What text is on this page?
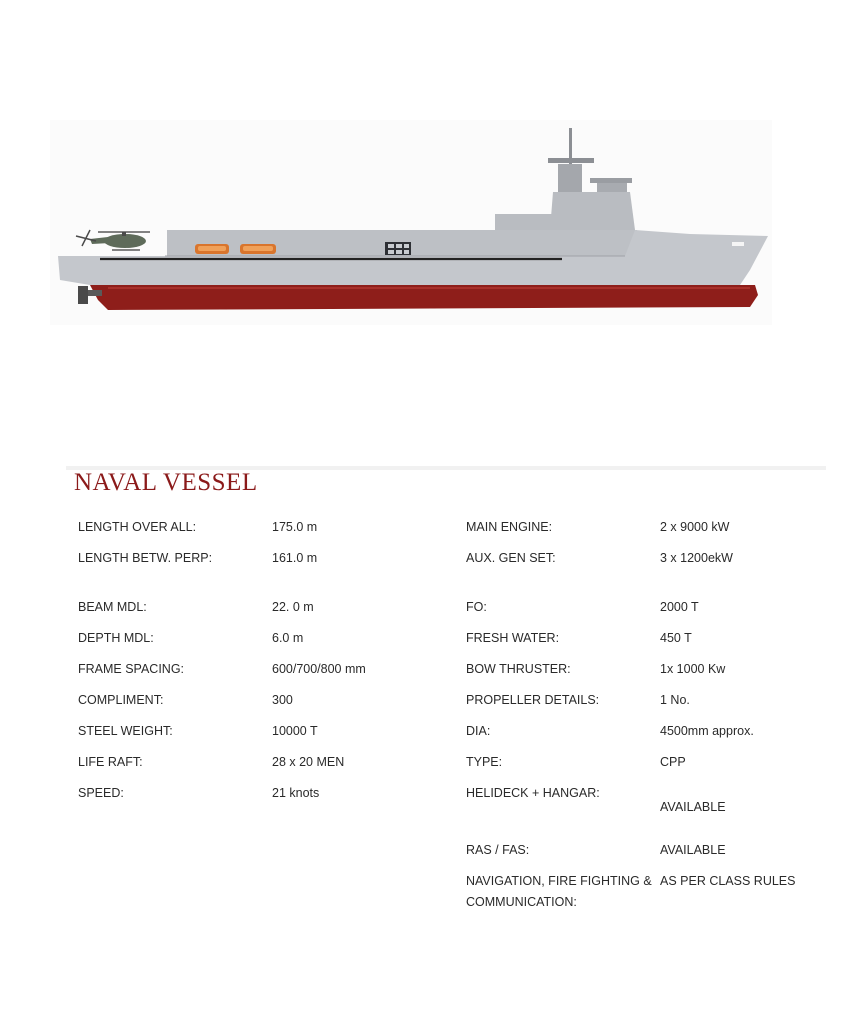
NAVAL VESSEL
LENGTH OVER ALL:	175.0 m
LENGTH BETW. PERP:	161.0 m
BEAM MDL:	22. 0 m
DEPTH MDL:	6.0 m
FRAME SPACING:	600/700/800 mm
COMPLIMENT:	300
STEEL WEIGHT:	10000 T
LIFE RAFT:	28 x 20 MEN
SPEED:	21 knots
MAIN ENGINE:	2 x 9000 kW
AUX. GEN SET:	3 x 1200ekW
FO:	2000 T
FRESH WATER:	450 T
BOW THRUSTER:	1x 1000 Kw
PROPELLER DETAILS:	1 No.
DIA:	4500mm approx.
TYPE:	CPP
HELIDECK + HANGAR:
AVAILABLE
RAS / FAS:	AVAILABLE
NAVIGATION, FIRE FIGHTING & COMMUNICATION:
AS PER CLASS RULES
